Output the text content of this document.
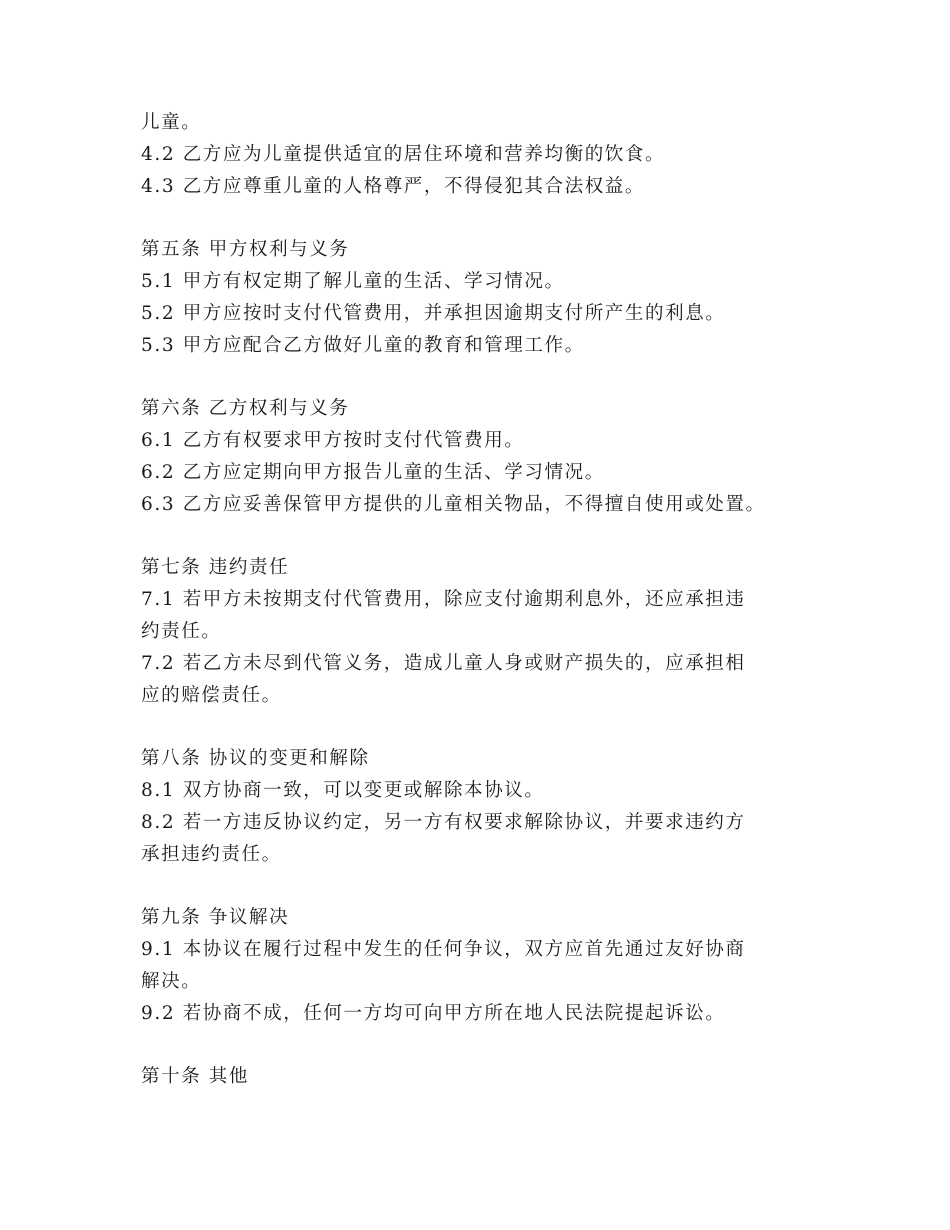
儿童。
4.2 乙方应为儿童提供适宜的居住环境和营养均衡的饮食。
4.3 乙方应尊重儿童的人格尊严，不得侵犯其合法权益。
第五条 甲方权利与义务
5.1 甲方有权定期了解儿童的生活、学习情况。
5.2 甲方应按时支付代管费用，并承担因逾期支付所产生的利息。
5.3 甲方应配合乙方做好儿童的教育和管理工作。
第六条 乙方权利与义务
6.1 乙方有权要求甲方按时支付代管费用。
6.2 乙方应定期向甲方报告儿童的生活、学习情况。
6.3 乙方应妥善保管甲方提供的儿童相关物品，不得擅自使用或处置。
第七条 违约责任
7.1 若甲方未按期支付代管费用，除应支付逾期利息外，还应承担违
约责任。
7.2 若乙方未尽到代管义务，造成儿童人身或财产损失的，应承担相
应的赔偿责任。
第八条 协议的变更和解除
8.1 双方协商一致，可以变更或解除本协议。
8.2 若一方违反协议约定，另一方有权要求解除协议，并要求违约方
承担违约责任。
第九条 争议解决
9.1 本协议在履行过程中发生的任何争议，双方应首先通过友好协商
解决。
9.2 若协商不成，任何一方均可向甲方所在地人民法院提起诉讼。
第十条 其他
